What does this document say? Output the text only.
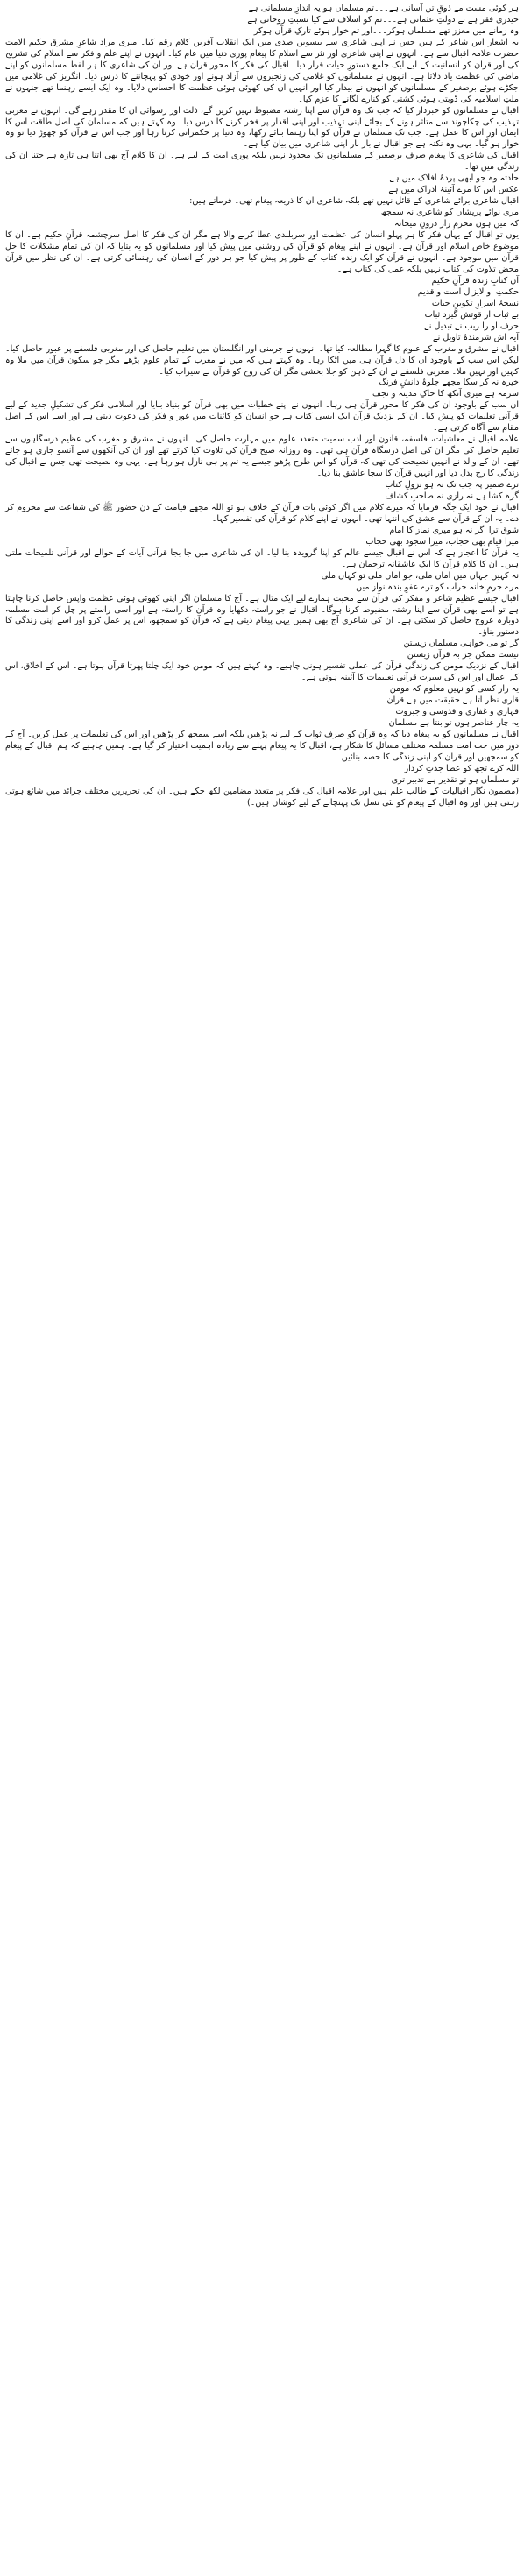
ہر کوئی مست مے ذوقِ تن آسانی ہے۔۔۔تم مسلماں ہو یہ اندازِ مسلمانی ہے
حیدری فقر ہے نے دولتِ عثمانی ہے۔۔۔تم کو اسلاف سے کیا نسبتِ روحانی ہے
وہ زمانے میں معزز تھے مسلماں ہوکر۔۔۔اور تم خوار ہوئے تارکِ قرآں ہوکر

یہ اشعار اس شاعر کے ہیں جس نے اپنی شاعری سے بیسویں صدی میں ایک انقلاب آفریں کلام رقم کیا۔ میری مراد شاعرِ مشرق حکیم الامت حضرت علامہ اقبال سے ہے۔ انہوں نے اپنی شاعری اور نثر سے اسلام کا پیغام پوری دنیا میں عام کیا۔ انہوں نے اپنے علم و فکر سے اسلام کی تشریح کی اور قرآن کو انسانیت کے لیے ایک جامع دستورِ حیات قرار دیا۔ اقبال کی فکر کا محور قرآن ہے اور ان کی شاعری کا ہر لفظ مسلمانوں کو اپنے ماضی کی عظمت یاد دلاتا ہے۔ انہوں نے مسلمانوں کو غلامی کی زنجیروں سے آزاد ہونے اور خودی کو پہچاننے کا درس دیا۔ انگریز کی غلامی میں جکڑے ہوئے برصغیر کے مسلمانوں کو انہوں نے بیدار کیا اور انہیں ان کی کھوئی ہوئی عظمت کا احساس دلایا۔ وہ ایک ایسے رہنما تھے جنہوں نے ملتِ اسلامیہ کی ڈوبتی ہوئی کشتی کو کنارے لگانے کا عزم کیا۔

اقبال نے مسلمانوں کو خبردار کیا کہ جب تک وہ قرآن سے اپنا رشتہ مضبوط نہیں کریں گے، ذلت اور رسوائی ان کا مقدر رہے گی۔ انہوں نے مغربی تہذیب کی چکاچوند سے متاثر ہونے کے بجائے اپنی تہذیب اور اپنی اقدار پر فخر کرنے کا درس دیا۔ وہ کہتے ہیں کہ مسلمان کی اصل طاقت اس کا ایمان اور اس کا عمل ہے۔ جب تک مسلمان نے قرآن کو اپنا رہنما بنائے رکھا، وہ دنیا پر حکمرانی کرتا رہا اور جب اس نے قرآن کو چھوڑ دیا تو وہ خوار ہو گیا۔ یہی وہ نکتہ ہے جو اقبال نے بار بار اپنی شاعری میں بیان کیا ہے۔

اقبال کی شاعری کا پیغام صرف برصغیر کے مسلمانوں تک محدود نہیں بلکہ پوری امت کے لیے ہے۔ ان کا کلام آج بھی اتنا ہی تازہ ہے جتنا ان کی زندگی میں تھا۔

حادثہ وہ جو ابھی پردۂ افلاک میں ہے
عکس اس کا مرے آئینۂ ادراک میں ہے

اقبال شاعری برائے شاعری کے قائل نہیں تھے بلکہ شاعری ان کا ذریعہ پیغام تھی۔ فرماتے ہیں:

مری نوائے پریشاں کو شاعری نہ سمجھ
کہ میں ہوں محرمِ رازِ درونِ میخانہ

یوں تو اقبال کے یہاں فکر کا ہر پہلو انسان کی عظمت اور سربلندی عطا کرنے والا ہے مگر ان کی فکر کا اصل سرچشمہ قرآنِ حکیم ہے۔ ان کا موضوع خاص اسلام اور قرآن ہے۔ انہوں نے اپنے پیغام کو قرآن کی روشنی میں پیش کیا اور مسلمانوں کو یہ بتایا کہ ان کی تمام مشکلات کا حل قرآن میں موجود ہے۔ انہوں نے قرآن کو ایک زندہ کتاب کے طور پر پیش کیا جو ہر دور کے انسان کی رہنمائی کرتی ہے۔ ان کی نظر میں قرآن محض تلاوت کی کتاب نہیں بلکہ عمل کی کتاب ہے۔

آں کتابِ زندہ قرآنِ حکیم
حکمتِ او لایزال است و قدیم

نسخۂ اسرارِ تکوینِ حیات
بے ثبات از قوتش گیرد ثبات

حرف او را ریب نے تبدیل نے
آیہ اش شرمندۂ تاویل نے

اقبال نے مشرق و مغرب کے علوم کا گہرا مطالعہ کیا تھا۔ انہوں نے جرمنی اور انگلستان میں تعلیم حاصل کی اور مغربی فلسفے پر عبور حاصل کیا۔ لیکن اس سب کے باوجود ان کا دل قرآن ہی میں اٹکا رہا۔ وہ کہتے ہیں کہ میں نے مغرب کے تمام علوم پڑھے مگر جو سکون قرآن میں ملا وہ کہیں اور نہیں ملا۔ مغربی فلسفے نے ان کے ذہن کو جلا بخشی مگر ان کی روح کو قرآن نے سیراب کیا۔

خیرہ نہ کر سکا مجھے جلوۂ دانشِ فرنگ
سرمہ ہے میری آنکھ کا خاکِ مدینہ و نجف

ان سب کے باوجود ان کی فکر کا محور قرآن ہی رہا۔ انہوں نے اپنے خطبات میں بھی قرآن کو بنیاد بنایا اور اسلامی فکر کی تشکیلِ جدید کے لیے قرآنی تعلیمات کو پیش کیا۔ ان کے نزدیک قرآن ایک ایسی کتاب ہے جو انسان کو کائنات میں غور و فکر کی دعوت دیتی ہے اور اسے اس کے اصل مقام سے آگاہ کرتی ہے۔

علامہ اقبال نے معاشیات، فلسفہ، قانون اور ادب سمیت متعدد علوم میں مہارت حاصل کی۔ انہوں نے مشرق و مغرب کی عظیم درسگاہوں سے تعلیم حاصل کی مگر ان کی اصل درسگاہ قرآن ہی تھی۔ وہ روزانہ صبح قرآن کی تلاوت کیا کرتے تھے اور ان کی آنکھوں سے آنسو جاری ہو جاتے تھے۔ ان کے والد نے انہیں نصیحت کی تھی کہ قرآن کو اس طرح پڑھو جیسے یہ تم پر ہی نازل ہو رہا ہے۔ یہی وہ نصیحت تھی جس نے اقبال کی زندگی کا رخ بدل دیا اور انہیں قرآن کا سچا عاشق بنا دیا۔

ترے ضمیر پہ جب تک نہ ہو نزولِ کتاب
گرہ کشا ہے نہ رازی نہ صاحبِ کشاف

اقبال نے خود ایک جگہ فرمایا کہ میرے کلام میں اگر کوئی بات قرآن کے خلاف ہو تو اللہ مجھے قیامت کے دن حضور ﷺ کی شفاعت سے محروم کر دے۔ یہ ان کے قرآن سے عشق کی انتہا تھی۔ انہوں نے اپنے کلام کو قرآن کی تفسیر کہا۔

شوق ترا اگر نہ ہو میری نماز کا امام
میرا قیام بھی حجاب، میرا سجود بھی حجاب

یہ قرآن کا اعجاز ہے کہ اس نے اقبال جیسے عالم کو اپنا گرویدہ بنا لیا۔ ان کی شاعری میں جا بجا قرآنی آیات کے حوالے اور قرآنی تلمیحات ملتی ہیں۔ ان کا کلام قرآن کا ایک عاشقانہ ترجمان ہے۔

نہ کہیں جہاں میں اماں ملی، جو اماں ملی تو کہاں ملی
مرے جرمِ خانہ خراب کو ترے عفوِ بندہ نواز میں

اقبال جیسے عظیم شاعر و مفکر کی قرآن سے محبت ہمارے لیے ایک مثال ہے۔ آج کا مسلمان اگر اپنی کھوئی ہوئی عظمت واپس حاصل کرنا چاہتا ہے تو اسے بھی قرآن سے اپنا رشتہ مضبوط کرنا ہوگا۔ اقبال نے جو راستہ دکھایا وہ قرآن کا راستہ ہے اور اسی راستے پر چل کر امت مسلمہ دوبارہ عروج حاصل کر سکتی ہے۔ ان کی شاعری آج بھی ہمیں یہی پیغام دیتی ہے کہ قرآن کو سمجھو، اس پر عمل کرو اور اسے اپنی زندگی کا دستور بناؤ۔

گر تو می خواہی مسلماں زیستن
نیست ممکن جز بہ قرآں زیستن

اقبال کے نزدیک مومن کی زندگی قرآن کی عملی تفسیر ہونی چاہیے۔ وہ کہتے ہیں کہ مومن خود ایک چلتا پھرتا قرآن ہوتا ہے۔ اس کے اخلاق، اس کے اعمال اور اس کی سیرت قرآنی تعلیمات کا آئینہ ہوتی ہے۔

یہ راز کسی کو نہیں معلوم کہ مومن
قاری نظر آتا ہے حقیقت میں ہے قرآن

قہاری و غفاری و قدوسی و جبروت
یہ چار عناصر ہوں تو بنتا ہے مسلمان

اقبال نے مسلمانوں کو یہ پیغام دیا کہ وہ قرآن کو صرف ثواب کے لیے نہ پڑھیں بلکہ اسے سمجھ کر پڑھیں اور اس کی تعلیمات پر عمل کریں۔ آج کے دور میں جب امت مسلمہ مختلف مسائل کا شکار ہے، اقبال کا یہ پیغام پہلے سے زیادہ اہمیت اختیار کر گیا ہے۔ ہمیں چاہیے کہ ہم اقبال کے پیغام کو سمجھیں اور قرآن کو اپنی زندگی کا حصہ بنائیں۔

اللہ کرے تجھ کو عطا جدتِ کردار
تو مسلماں ہو تو تقدیر ہے تدبیر تری

(مضمون نگار اقبالیات کے طالب علم ہیں اور علامہ اقبال کی فکر پر متعدد مضامین لکھ چکے ہیں۔ ان کی تحریریں مختلف جرائد میں شائع ہوتی رہتی ہیں اور وہ اقبال کے پیغام کو نئی نسل تک پہنچانے کے لیے کوشاں ہیں۔)
